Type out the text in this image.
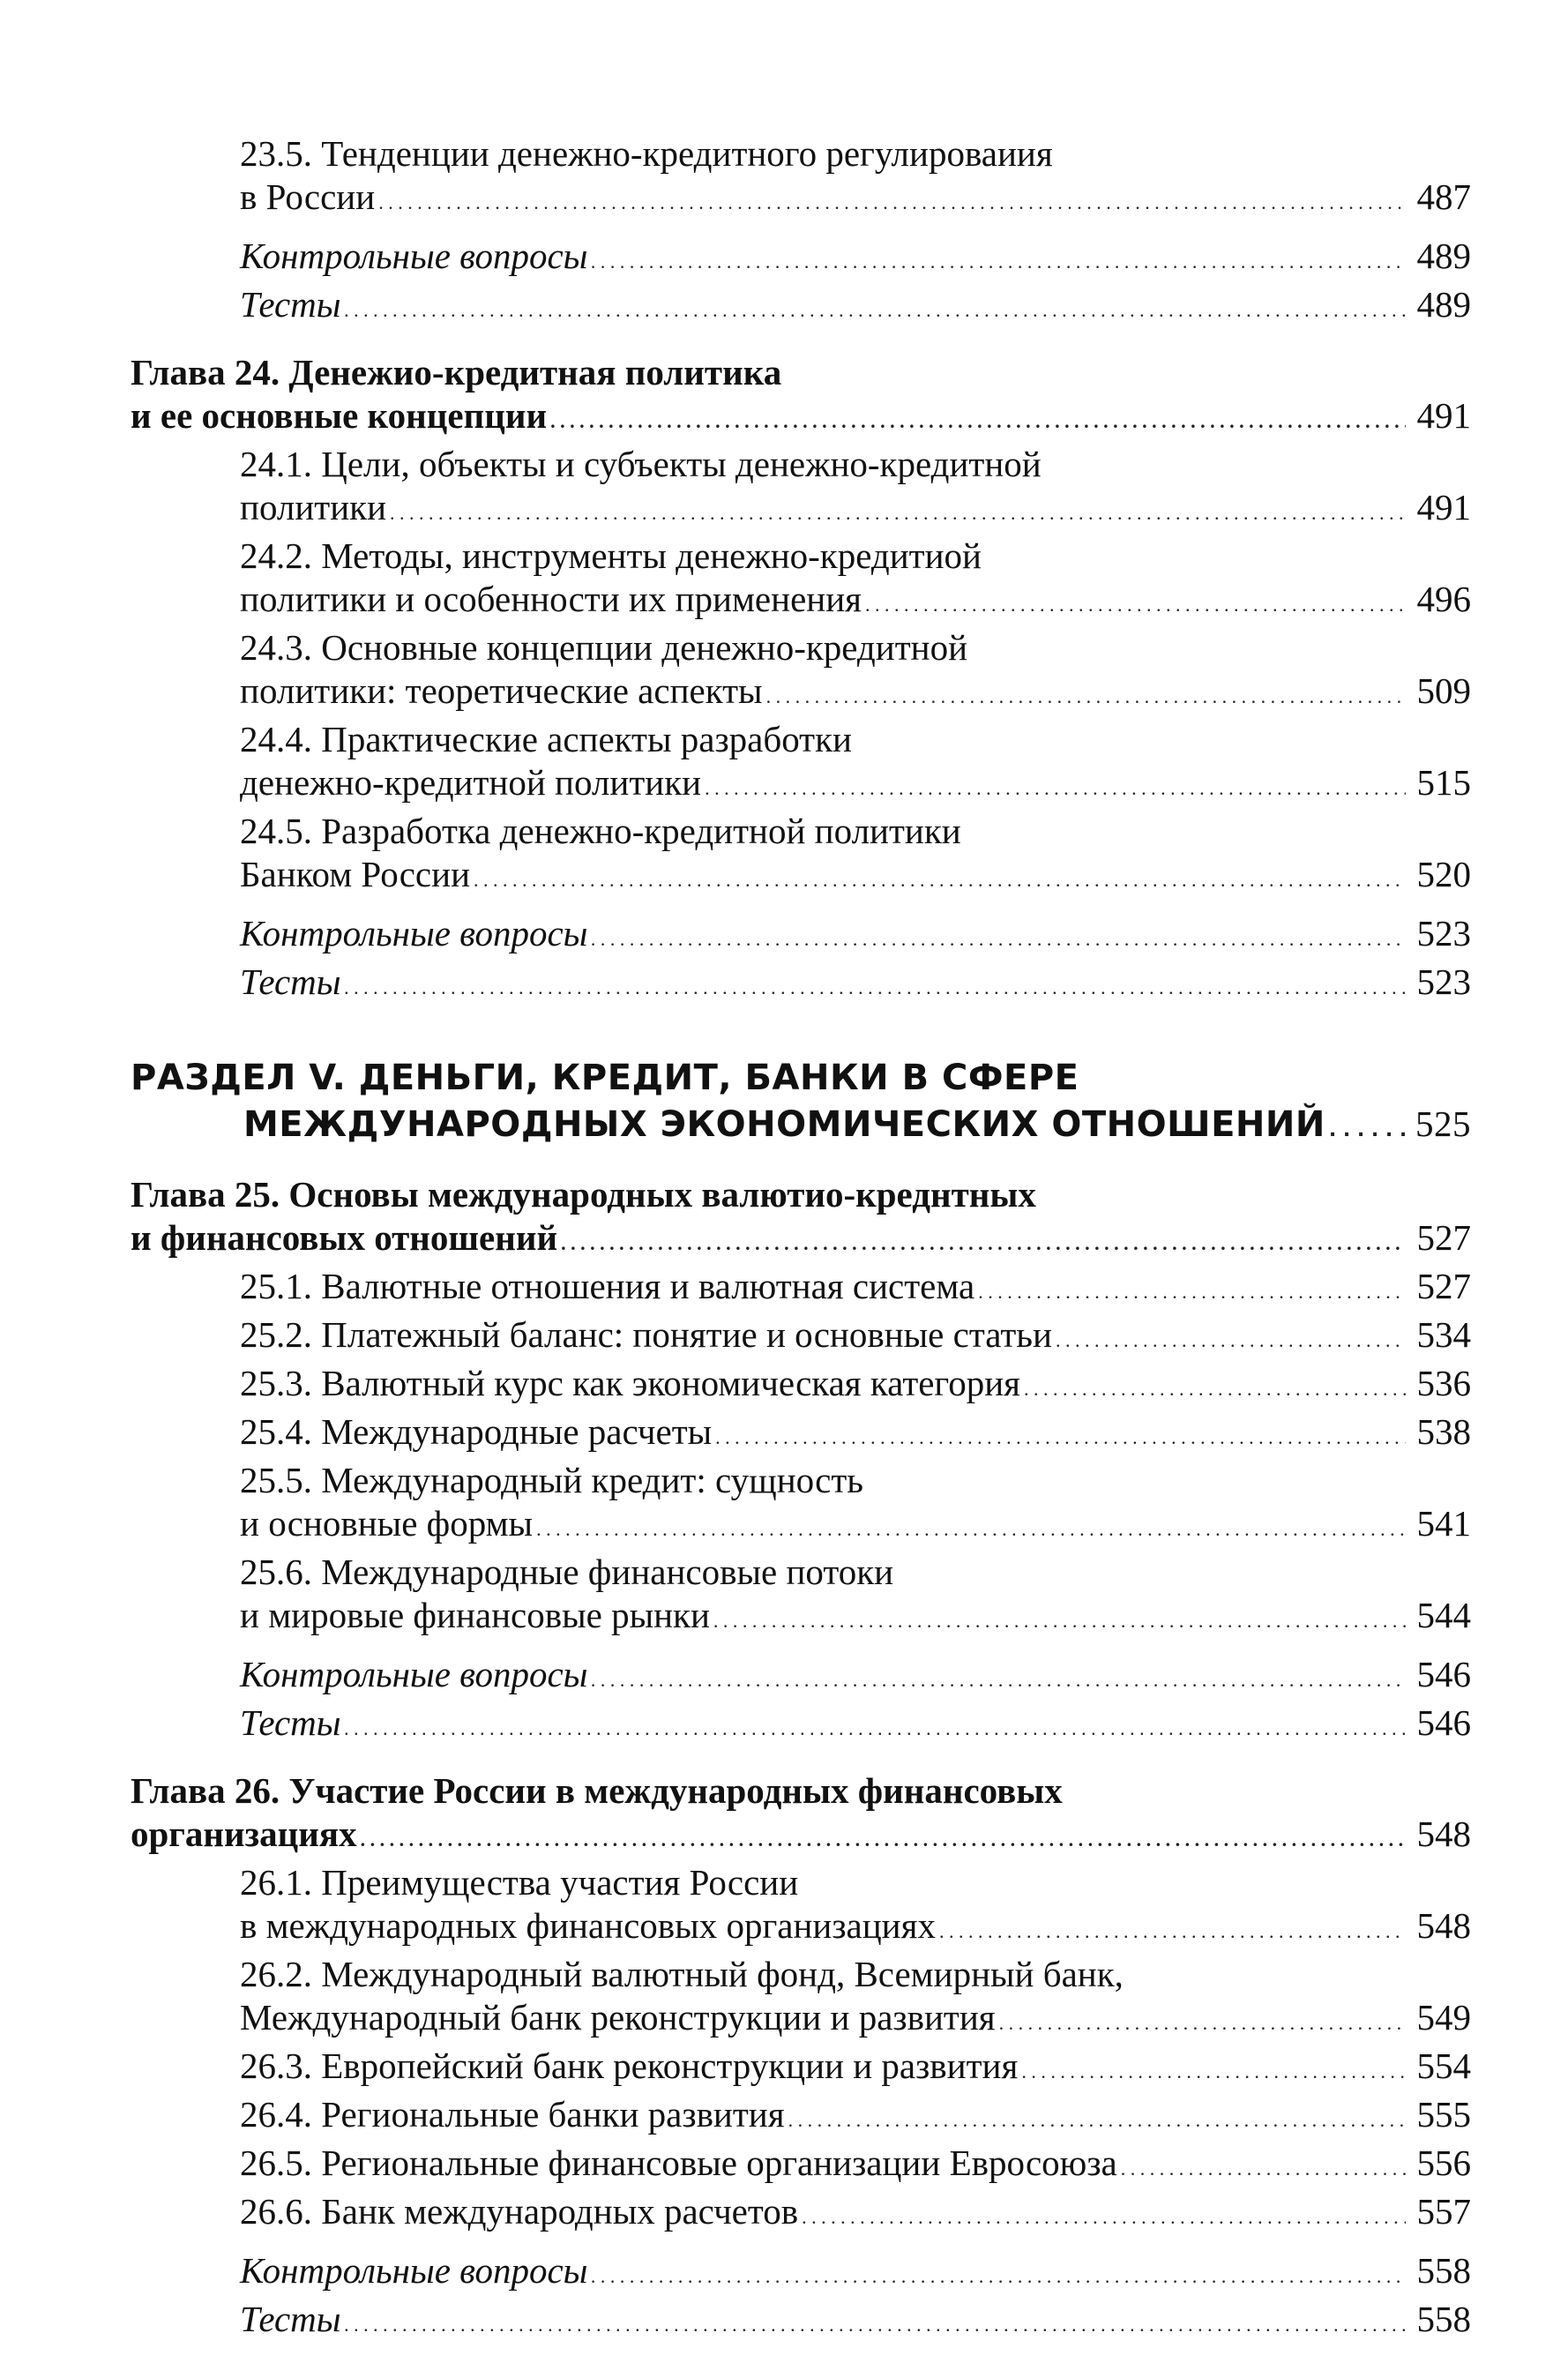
23.5. Тенденции денежно-кредитного регулироваиия
в России . . .	487
Контрольные вопросы . . .	489
Тесты . . .	489
Глава 24. Денежио-кредитная политика
и ее основные концепции . . .	491
24.1. Цели, объекты и субъекты денежно-кредитной
политики . . .	491
24.2. Методы, инструменты денежно-кредитиой
политики и особенности их применения . . .	496
24.3. Основные концепции денежно-кредитной
политики: теоретические аспекты . . .	509
24.4. Практические аспекты разработки
денежно-кредитной политики . . .	515
24.5. Разработка денежно-кредитной политики
Банком России . . .	520
Контрольные вопросы . . .	523
Тесты . . .	523
РАЗДЕЛ V. ДЕНЬГИ, КРЕДИТ, БАНКИ В СФЕРЕ
МЕЖДУНАРОДНЫХ ЭКОНОМИЧЕСКИХ ОТНОШЕНИЙ . . . 525
Глава 25. Основы международных валютио-креднтных
и финансовых отношений . . .	527
25.1. Валютные отношения и валютная система . . .	527
25.2. Платежный баланс: понятие и основные статьи . . .	534
25.3. Валютный курс как экономическая категория . . .	536
25.4. Международные расчеты . . .	538
25.5. Международный кредит: сущность
и основные формы . . .	541
25.6. Международные финансовые потоки
и мировые финансовые рынки . . .	544
Контрольные вопросы . . .	546
Тесты . . .	546
Глава 26. Участие России в международных финансовых
организациях . . .	548
26.1. Преимущества участия России
в международных финансовых организациях . . .	548
26.2. Международный валютный фонд, Всемирный банк,
Международный банк реконструкции и развития . . .	549
26.3. Европейский банк реконструкции и развития . . .	554
26.4. Региональные банки развития . . .	555
26.5. Региональные финансовые организации Евросоюза . . .	556
26.6. Банк международных расчетов . . .	557
Контрольные вопросы . . .	558
Тесты . . .	558
